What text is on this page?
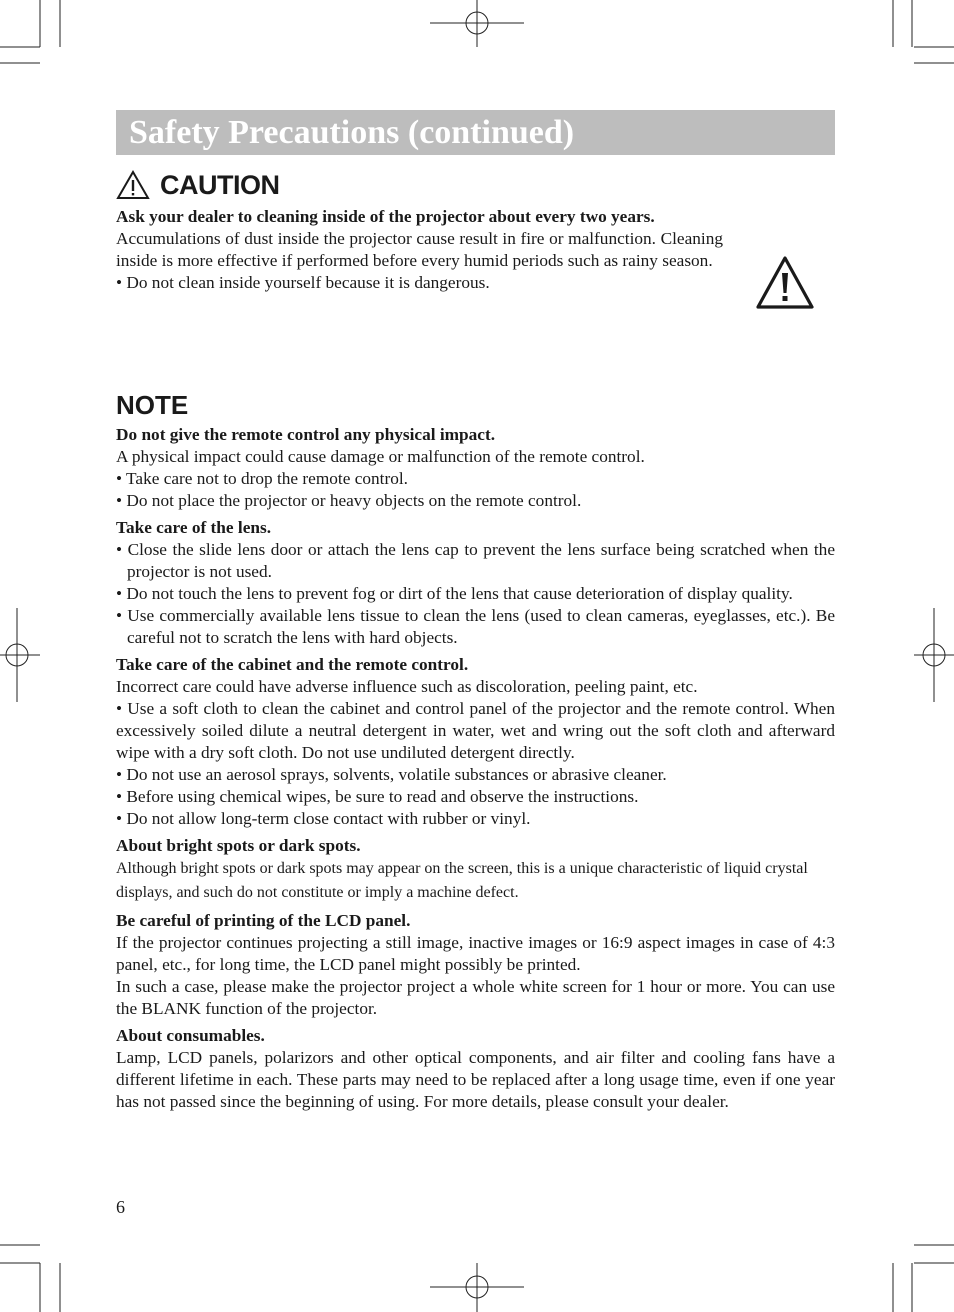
Safety Precautions (continued)
CAUTION

Ask your dealer to cleaning inside of the projector about every two years.

Accumulations of dust inside the projector cause result in fire or malfunction. Cleaning inside is more effective if performed before every humid periods such as rainy season.

• Do not clean inside yourself because it is dangerous.

NOTE

Do not give the remote control any physical impact.

A physical impact could cause damage or malfunction of the remote control.

• Take care not to drop the remote control.

• Do not place the projector or heavy objects on the remote control.

Take care of the lens.

• Close the slide lens door or attach the lens cap to prevent the lens surface being scratched when the projector is not used.

• Do not touch the lens to prevent fog or dirt of the lens that cause deterioration of display quality.

• Use commercially available lens tissue to clean the lens (used to clean cameras, eyeglasses, etc.). Be careful not to scratch the lens with hard objects.

Take care of the cabinet and the remote control.

Incorrect care could have adverse influence such as discoloration, peeling paint, etc.

• Use a soft cloth to clean the cabinet and control panel of the projector and the remote control. When excessively soiled dilute a neutral detergent in water, wet and wring out the soft cloth and afterward wipe with a dry soft cloth. Do not use undiluted detergent directly.

• Do not use an aerosol sprays, solvents, volatile substances or abrasive cleaner.

• Before using chemical wipes, be sure to read and observe the instructions.

• Do not allow long-term close contact with rubber or vinyl.

About bright spots or dark spots.

Although bright spots or dark spots may appear on the screen, this is a unique characteristic of liquid crystal displays, and such do not constitute or imply a machine defect.

Be careful of printing of the LCD panel.

If the projector continues projecting a still image, inactive images or 16:9 aspect images in case of 4:3 panel, etc., for long time, the LCD panel might possibly be printed.

In such a case, please make the projector project a whole white screen for 1 hour or more. You can use the BLANK function of the projector.

About consumables.

Lamp, LCD panels, polarizors and other optical components, and air filter and cooling fans have a different lifetime in each. These parts may need to be replaced after a long usage time, even if one year has not passed since the beginning of using. For more details, please consult your dealer.

6
